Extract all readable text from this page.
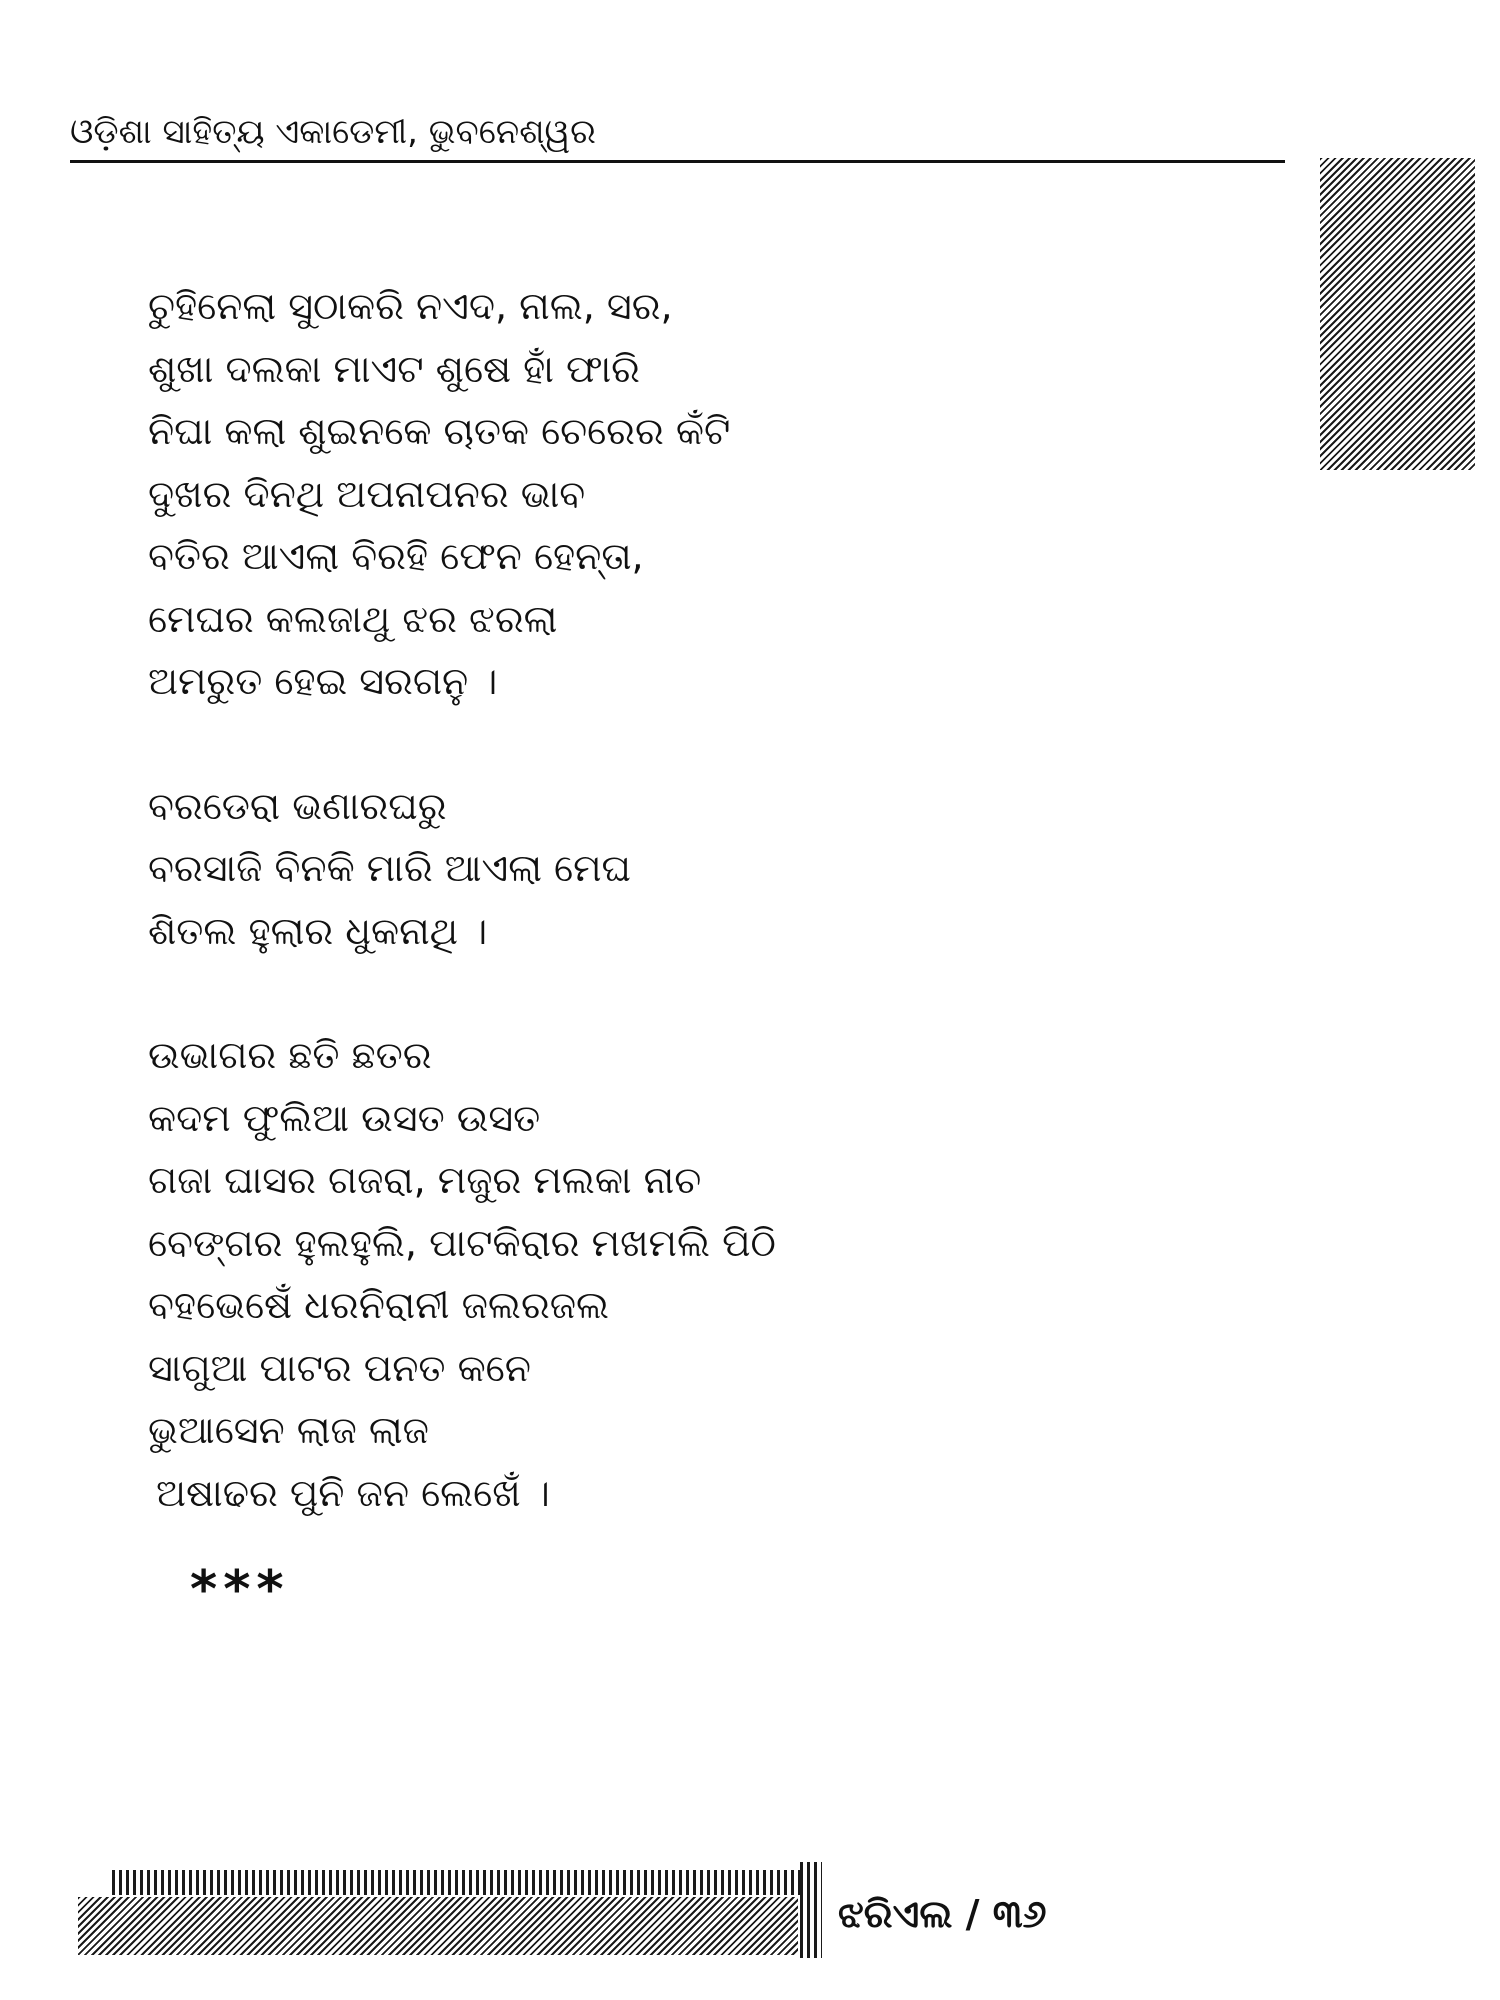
ଓଡ଼ିଶା ସାହିତ୍ୟ ଏକାଡେମୀ, ଭୁବନେଶ୍ୱର
ଚୁହିନେଲା ସୁଠାକରି ନଏଦ, ନାଲ, ସର,
ଶୁଖା ଦଲକା ମାଏଟ ଶୁଷେ ହାଁ ଫାରି
ନିଘା କଲା ଶୁଇନକେ ଚାତକ ଚେରେର କଁଟି
ଦୁଖର ଦିନଥି ଅପନାପନର ଭାବ
ବତିର ଆଏଲା ବିରହି ଫେନ ହେନ୍ତା,
ମେଘର କଲଜାଥୁ ଝର ଝରଲା
ଅମରୁତ ହେଇ ସରଗନୁ ।
ବରଡେରା ଭଣାରଘରୁ
ବରସାଜି ବିନକି ମାରି ଆଏଲା ମେଘ
ଶିତଲ ହୁଲାର ଧୁକନାଥି ।
ଉଭାଗର ଛତି ଛତର
କଦମ ଫୁଲିଆ ଉସତ ଉସତ
ଗଜା ଘାସର ଗଜରା, ମଜୁର ମଲକା ନାଚ
ବେଙ୍ଗର ହୁଲହୁଲି, ପାଟକିରାର ମଖମଲି ପିଠି
ବହଭେଷେଁ ଧରନିରାନୀ ଜଲରଜଲ
ସାଗୁଆ ପାଟର ପନତ କନେ
ଭୁଆସେନ ଲାଜ ଲାଜ
ଅଷାଢର ପୁନି ଜନ ଲେଖେଁ ।
***
ଝରିଏଲ / ୩୬
